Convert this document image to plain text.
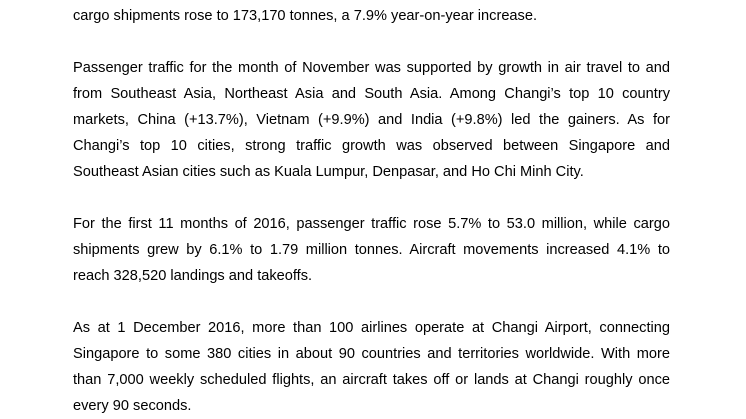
cargo shipments rose to 173,170 tonnes, a 7.9% year-on-year increase.

Passenger traffic for the month of November was supported by growth in air travel to and
from Southeast Asia, Northeast Asia and South Asia. Among Changi’s top 10 country
markets, China (+13.7%), Vietnam (+9.9%) and India (+9.8%) led the gainers. As for
Changi’s top 10 cities, strong traffic growth was observed between Singapore and
Southeast Asian cities such as Kuala Lumpur, Denpasar, and Ho Chi Minh City.

For the first 11 months of 2016, passenger traffic rose 5.7% to 53.0 million, while cargo
shipments grew by 6.1% to 1.79 million tonnes. Aircraft movements increased 4.1% to
reach 328,520 landings and takeoffs.

As at 1 December 2016, more than 100 airlines operate at Changi Airport, connecting
Singapore to some 380 cities in about 90 countries and territories worldwide. With more
than 7,000 weekly scheduled flights, an aircraft takes off or lands at Changi roughly once
every 90 seconds.
